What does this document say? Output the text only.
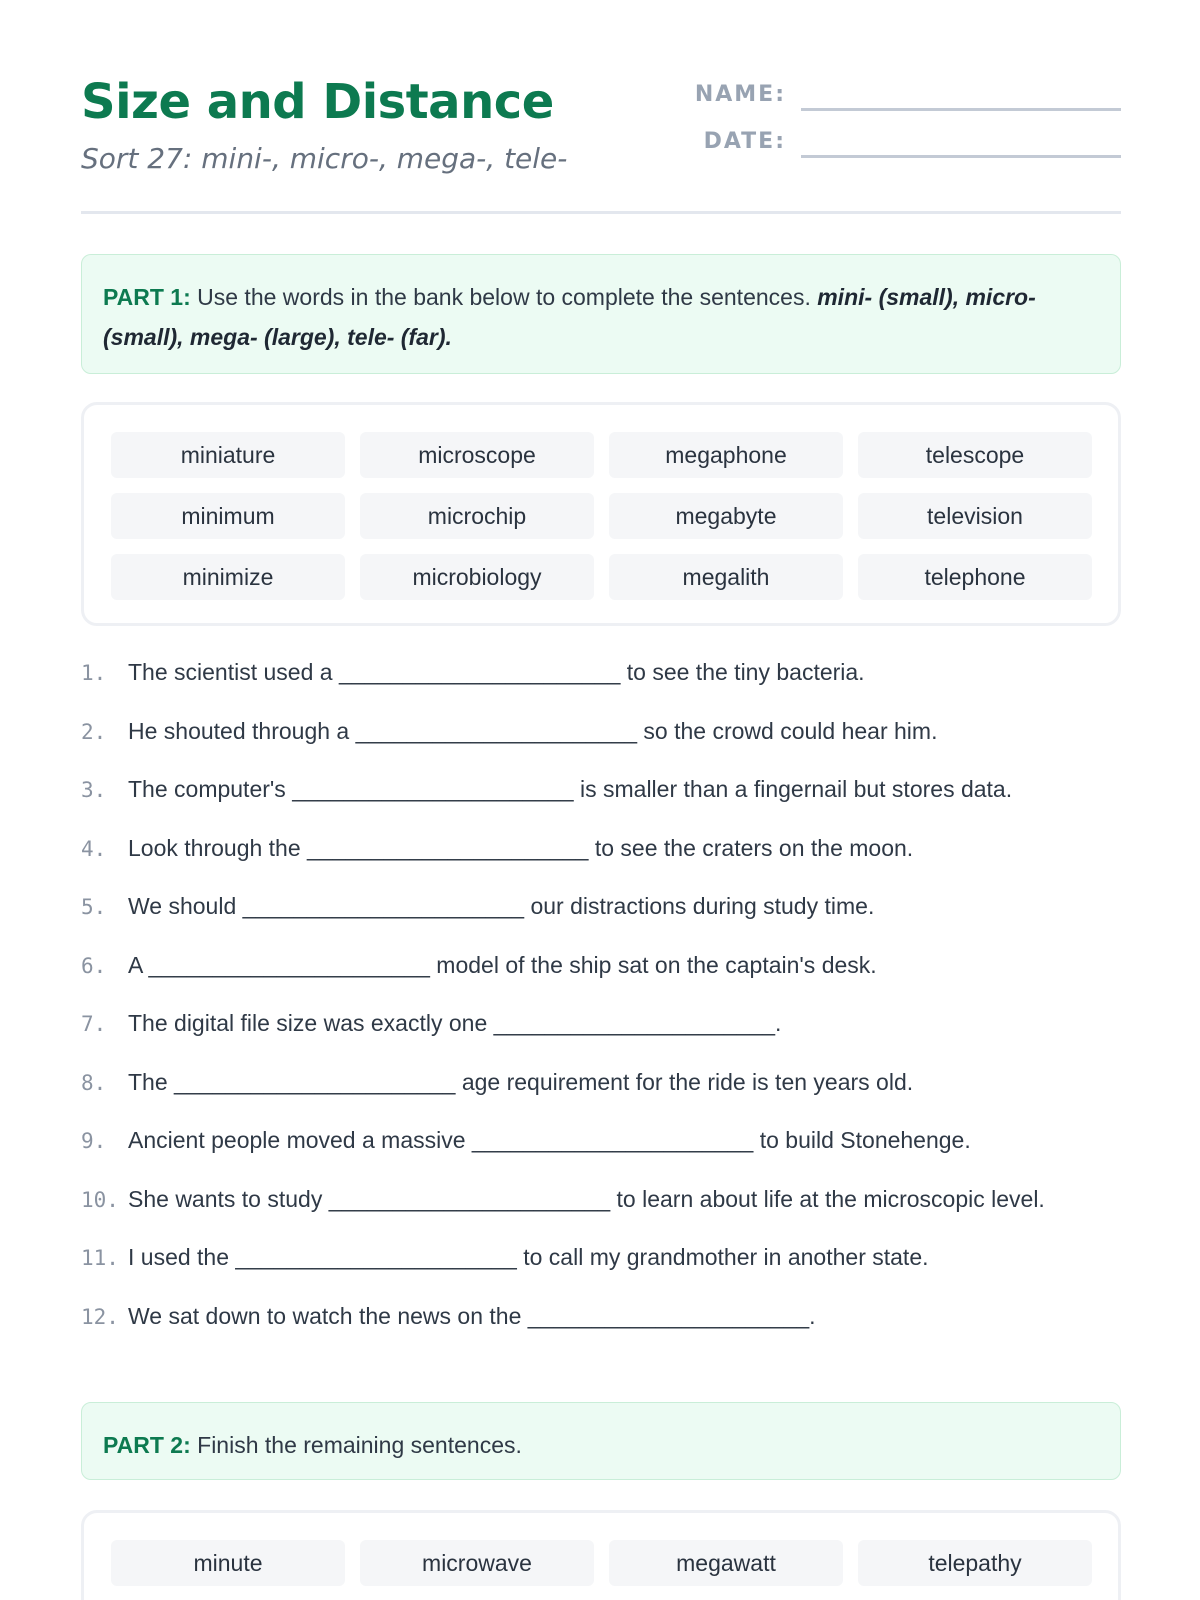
Size and Distance
Sort 27: mini-, micro-, mega-, tele-
NAME:
DATE:
PART 1: Use the words in the bank below to complete the sentences. mini- (small), micro- (small), mega- (large), tele- (far).
miniature	microscope	megaphone	telescope
minimum	microchip	megabyte	television
minimize	microbiology	megalith	telephone
1. The scientist used a ______________________ to see the tiny bacteria.
2. He shouted through a ______________________ so the crowd could hear him.
3. The computer's ______________________ is smaller than a fingernail but stores data.
4. Look through the ______________________ to see the craters on the moon.
5. We should ______________________ our distractions during study time.
6. A ______________________ model of the ship sat on the captain's desk.
7. The digital file size was exactly one ______________________.
8. The ______________________ age requirement for the ride is ten years old.
9. Ancient people moved a massive ______________________ to build Stonehenge.
10. She wants to study ______________________ to learn about life at the microscopic level.
11. I used the ______________________ to call my grandmother in another state.
12. We sat down to watch the news on the ______________________.
PART 2: Finish the remaining sentences.
minute	microwave	megawatt	telepathy
